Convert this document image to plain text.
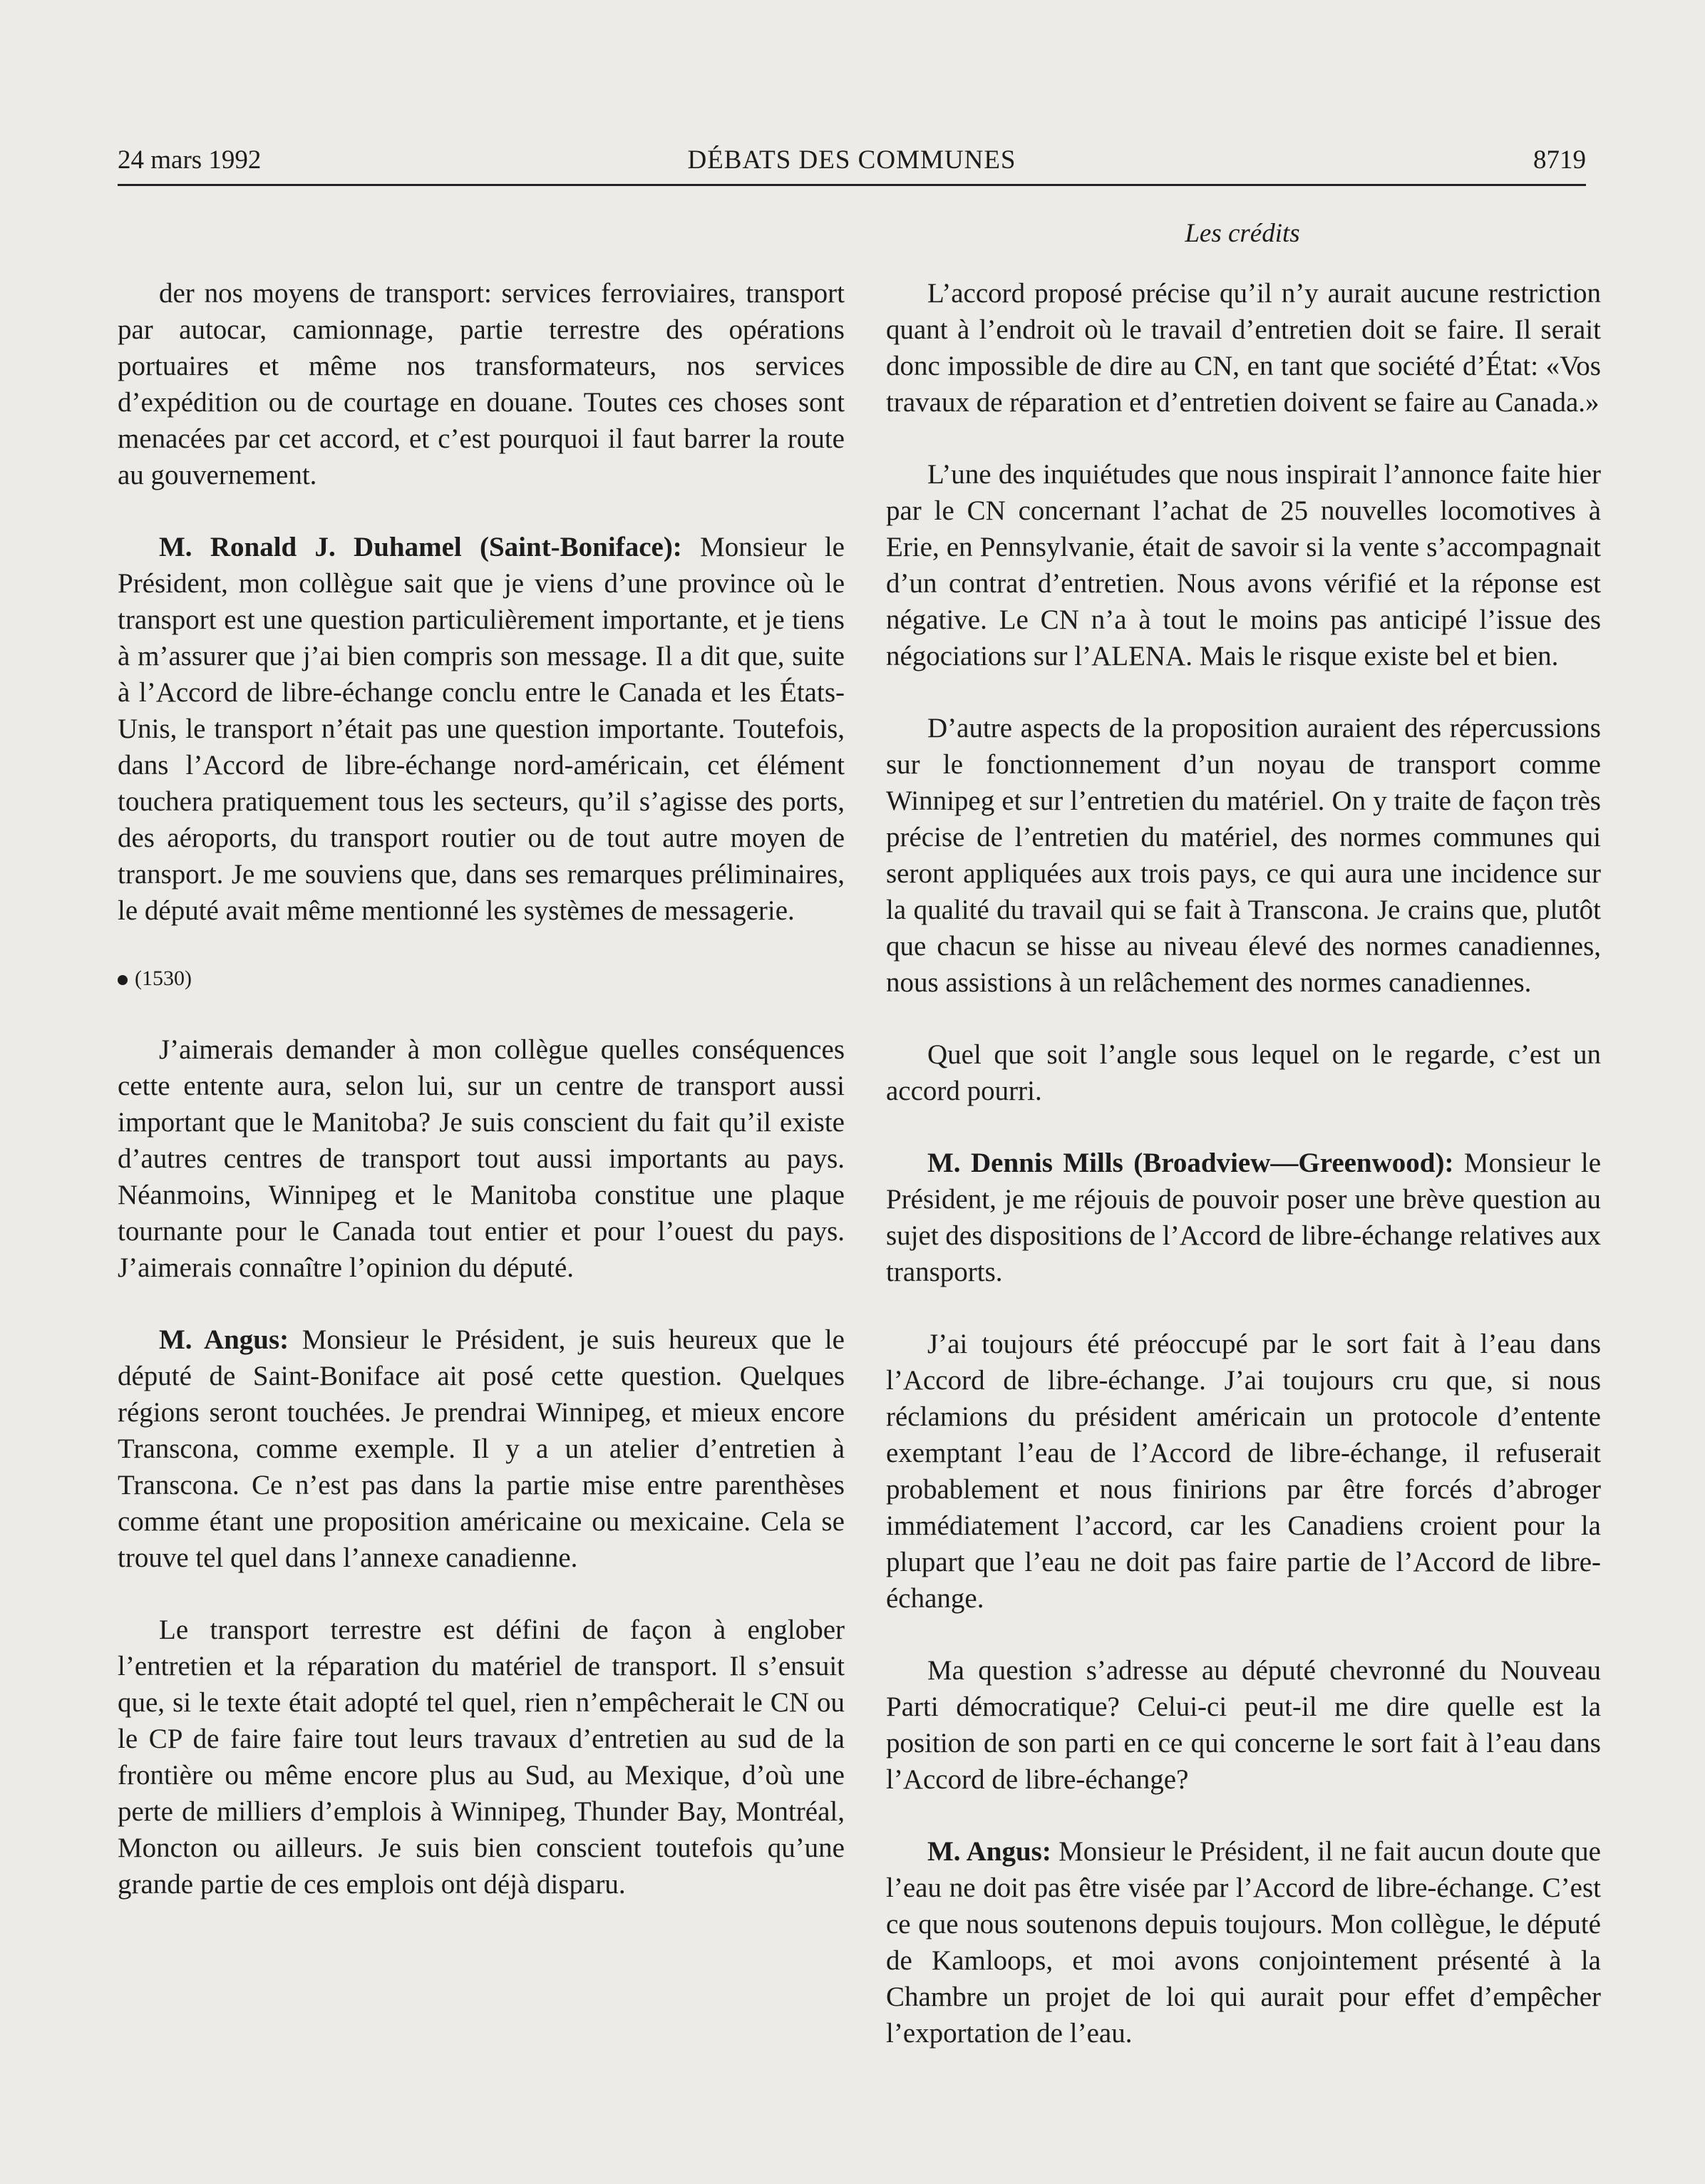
24 mars 1992	DÉBATS DES COMMUNES	8719
Les crédits

der nos moyens de transport: services ferroviaires, transport par autocar, camionnage, partie terrestre des opérations portuaires et même nos transformateurs, nos services d’expédition ou de courtage en douane. Toutes ces choses sont menacées par cet accord, et c’est pourquoi il faut barrer la route au gouvernement.

M. Ronald J. Duhamel (Saint-Boniface): Monsieur le Président, mon collègue sait que je viens d’une province où le transport est une question particulièrement importante, et je tiens à m’assurer que j’ai bien compris son message. Il a dit que, suite à l’Accord de libre-échange conclu entre le Canada et les États-Unis, le transport n’était pas une question importante. Toutefois, dans l’Accord de libre-échange nord-américain, cet élément touchera pratiquement tous les secteurs, qu’il s’agisse des ports, des aéroports, du transport routier ou de tout autre moyen de transport. Je me souviens que, dans ses remarques préliminaires, le député avait même mentionné les systèmes de messagerie.

(1530)

J’aimerais demander à mon collègue quelles conséquences cette entente aura, selon lui, sur un centre de transport aussi important que le Manitoba? Je suis conscient du fait qu’il existe d’autres centres de transport tout aussi importants au pays. Néanmoins, Winnipeg et le Manitoba constitue une plaque tournante pour le Canada tout entier et pour l’ouest du pays. J’aimerais connaître l’opinion du député.

M. Angus: Monsieur le Président, je suis heureux que le député de Saint-Boniface ait posé cette question. Quelques régions seront touchées. Je prendrai Winnipeg, et mieux encore Transcona, comme exemple. Il y a un atelier d’entretien à Transcona. Ce n’est pas dans la partie mise entre parenthèses comme étant une proposition américaine ou mexicaine. Cela se trouve tel quel dans l’annexe canadienne.

Le transport terrestre est défini de façon à englober l’entretien et la réparation du matériel de transport. Il s’ensuit que, si le texte était adopté tel quel, rien n’empêcherait le CN ou le CP de faire faire tout leurs travaux d’entretien au sud de la frontière ou même encore plus au Sud, au Mexique, d’où une perte de milliers d’emplois à Winnipeg, Thunder Bay, Montréal, Moncton ou ailleurs. Je suis bien conscient toutefois qu’une grande partie de ces emplois ont déjà disparu.

L’accord proposé précise qu’il n’y aurait aucune restriction quant à l’endroit où le travail d’entretien doit se faire. Il serait donc impossible de dire au CN, en tant que société d’État: «Vos travaux de réparation et d’entretien doivent se faire au Canada.»

L’une des inquiétudes que nous inspirait l’annonce faite hier par le CN concernant l’achat de 25 nouvelles locomotives à Erie, en Pennsylvanie, était de savoir si la vente s’accompagnait d’un contrat d’entretien. Nous avons vérifié et la réponse est négative. Le CN n’a à tout le moins pas anticipé l’issue des négociations sur l’ALENA. Mais le risque existe bel et bien.

D’autre aspects de la proposition auraient des répercussions sur le fonctionnement d’un noyau de transport comme Winnipeg et sur l’entretien du matériel. On y traite de façon très précise de l’entretien du matériel, des normes communes qui seront appliquées aux trois pays, ce qui aura une incidence sur la qualité du travail qui se fait à Transcona. Je crains que, plutôt que chacun se hisse au niveau élevé des normes canadiennes, nous assistions à un relâchement des normes canadiennes.

Quel que soit l’angle sous lequel on le regarde, c’est un accord pourri.

M. Dennis Mills (Broadview—Greenwood): Monsieur le Président, je me réjouis de pouvoir poser une brève question au sujet des dispositions de l’Accord de libre-échange relatives aux transports.

J’ai toujours été préoccupé par le sort fait à l’eau dans l’Accord de libre-échange. J’ai toujours cru que, si nous réclamions du président américain un protocole d’entente exemptant l’eau de l’Accord de libre-échange, il refuserait probablement et nous finirions par être forcés d’abroger immédiatement l’accord, car les Canadiens croient pour la plupart que l’eau ne doit pas faire partie de l’Accord de libre-échange.

Ma question s’adresse au député chevronné du Nouveau Parti démocratique? Celui-ci peut-il me dire quelle est la position de son parti en ce qui concerne le sort fait à l’eau dans l’Accord de libre-échange?

M. Angus: Monsieur le Président, il ne fait aucun doute que l’eau ne doit pas être visée par l’Accord de libre-échange. C’est ce que nous soutenons depuis toujours. Mon collègue, le député de Kamloops, et moi avons conjointement présenté à la Chambre un projet de loi qui aurait pour effet d’empêcher l’exportation de l’eau.
